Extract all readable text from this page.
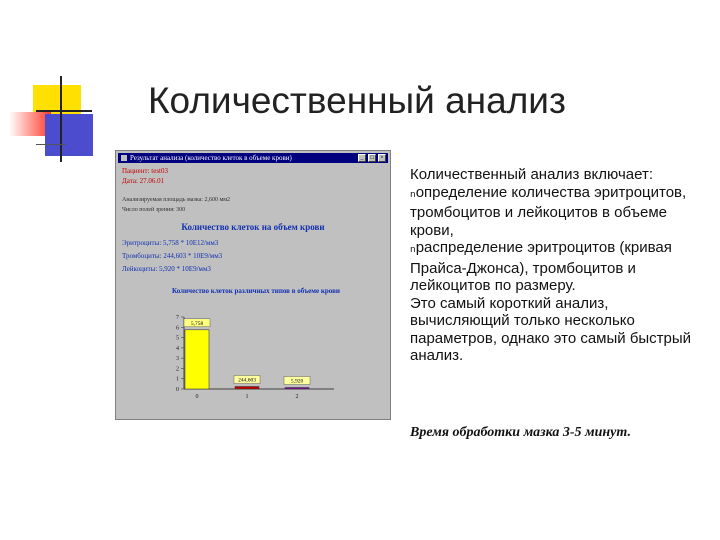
Количественный анализ
Результат анализа (количество клеток в объеме крови)	_	□	×
Пациент: test03
Дата: 27.06.01
Анализируемая площадь мазка: 2,600 мм2
Число полей зрения: 300
Количество клеток на объем крови
Эритроциты: 5,758 * 10E12/мм3
Тромбоциты: 244,603 * 10E9/мм3
Лейкоциты: 5,920 * 10E9/мм3
Количество клеток различных типов в объеме крови
0
1
2
3
4
5
6
7
5,758
0
244,603
1
5,920
2
Количественный анализ включает:
nопределение количества эритроцитов, тромбоцитов и лейкоцитов в объеме крови,
nраспределение эритроцитов (кривая Прайса-Джонса), тромбоцитов и лейкоцитов по размеру.
Это самый короткий анализ, вычисляющий только несколько параметров, однако это самый быстрый анализ.
Время обработки мазка 3-5 минут.
